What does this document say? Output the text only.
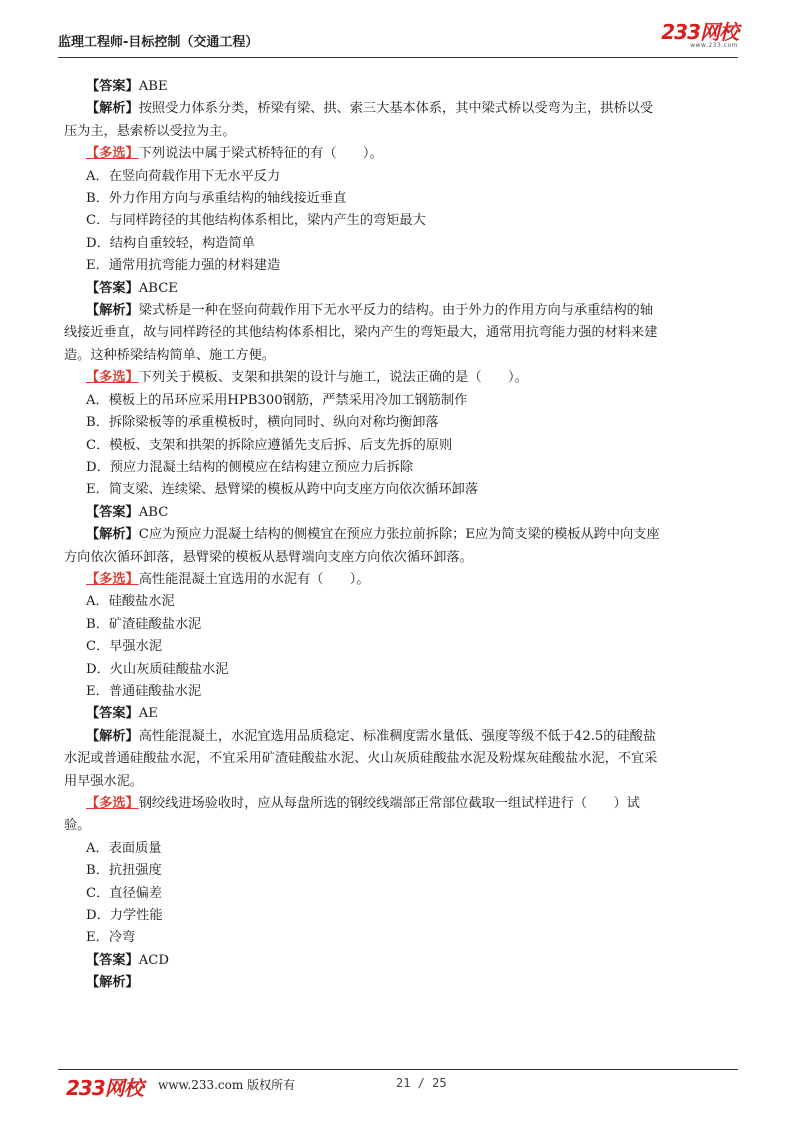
监理工程师-目标控制（交通工程）	233网校
www.233.com

【答案】ABE

【解析】按照受力体系分类，桥梁有梁、拱、索三大基本体系，其中梁式桥以受弯为主，拱桥以受

压为主，悬索桥以受拉为主。

【多选】下列说法中属于梁式桥特征的有（　　）。

A．在竖向荷载作用下无水平反力

B．外力作用方向与承重结构的轴线接近垂直

C．与同样跨径的其他结构体系相比，梁内产生的弯矩最大

D．结构自重较轻，构造简单

E．通常用抗弯能力强的材料建造

【答案】ABCE

【解析】梁式桥是一种在竖向荷载作用下无水平反力的结构。由于外力的作用方向与承重结构的轴

线接近垂直，故与同样跨径的其他结构体系相比，梁内产生的弯矩最大，通常用抗弯能力强的材料来建

造。这种桥梁结构简单、施工方便。

【多选】下列关于模板、支架和拱架的设计与施工，说法正确的是（　　）。

A．模板上的吊环应采用HPB300钢筋，严禁采用冷加工钢筋制作

B．拆除梁板等的承重模板时，横向同时、纵向对称均衡卸落

C．模板、支架和拱架的拆除应遵循先支后拆、后支先拆的原则

D．预应力混凝土结构的侧模应在结构建立预应力后拆除

E．简支梁、连续梁、悬臂梁的模板从跨中向支座方向依次循环卸落

【答案】ABC

【解析】C应为预应力混凝土结构的侧模宜在预应力张拉前拆除；E应为简支梁的模板从跨中向支座

方向依次循环卸落，悬臂梁的模板从悬臂端向支座方向依次循环卸落。

【多选】高性能混凝土宜选用的水泥有（　　）。

A．硅酸盐水泥

B．矿渣硅酸盐水泥

C．早强水泥

D．火山灰质硅酸盐水泥

E．普通硅酸盐水泥

【答案】AE

【解析】高性能混凝土，水泥宜选用品质稳定、标准稠度需水量低、强度等级不低于42.5的硅酸盐

水泥或普通硅酸盐水泥，不宜采用矿渣硅酸盐水泥、火山灰质硅酸盐水泥及粉煤灰硅酸盐水泥，不宜采

用早强水泥。

【多选】钢绞线进场验收时，应从每盘所选的钢绞线端部正常部位截取一组试样进行（　　）试

验。

A．表面质量

B．抗扭强度

C．直径偏差

D．力学性能

E．冷弯

【答案】ACD

【解析】

233网校 www.233.com 版权所有	21 / 25
